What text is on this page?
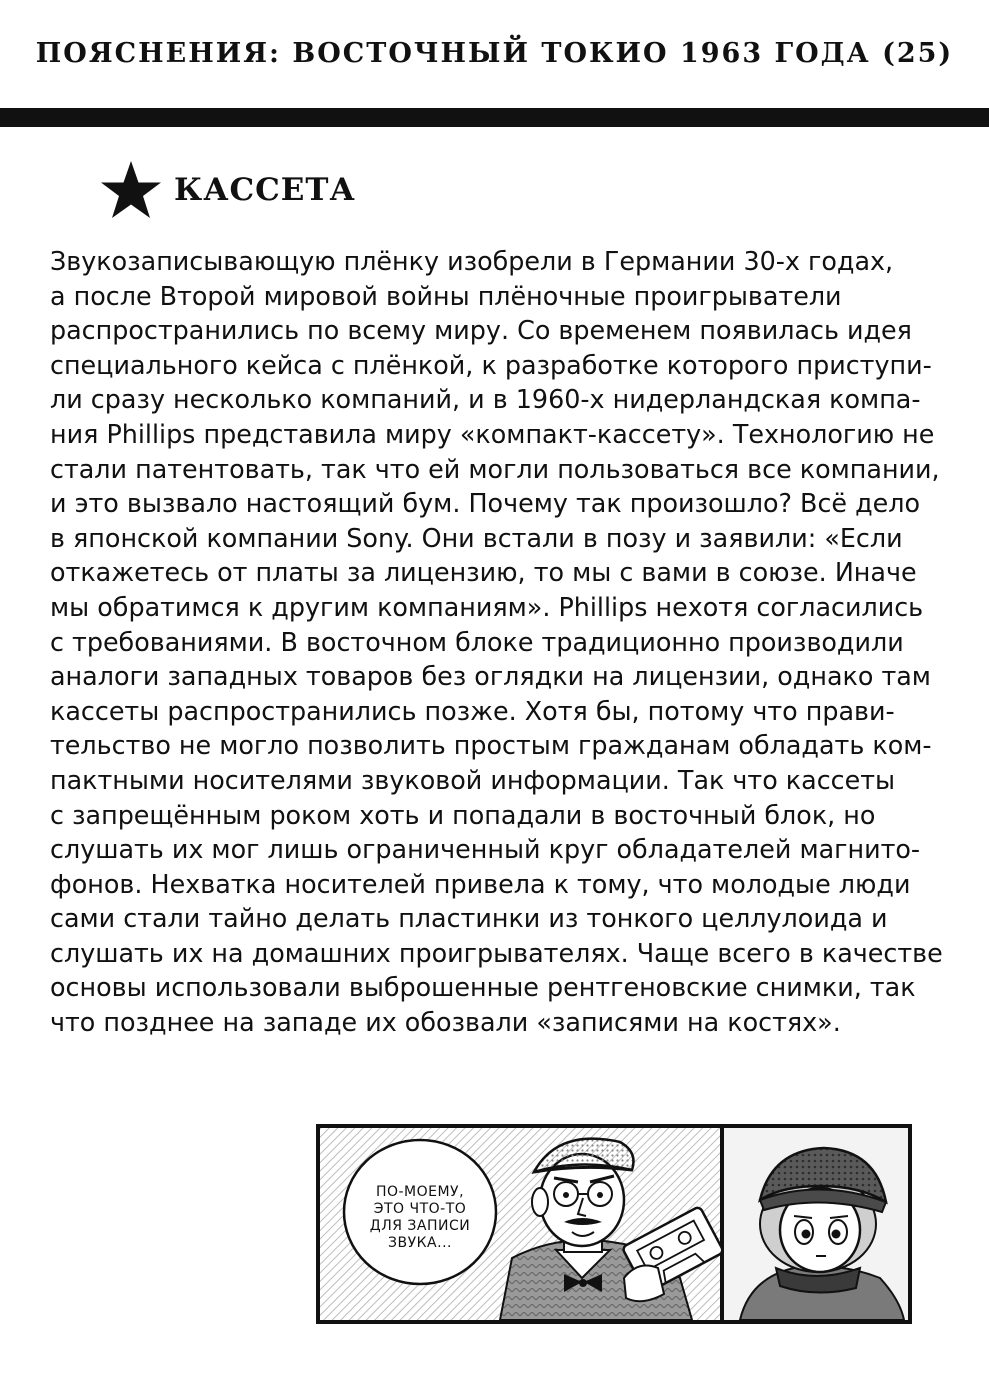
ПОЯСНЕНИЯ: ВОСТОЧНЫЙ ТОКИО 1963 ГОДА (25)
КАССЕТА
Звукозаписывающую плёнку изобрели в Германии 30-х годах,
а после Второй мировой войны плёночные проигрыватели
распространились по всему миру. Со временем появилась идея
специального кейса с плёнкой, к разработке которого приступи-
ли сразу несколько компаний, и в 1960-х нидерландская компа-
ния Phillips представила миру «компакт-кассету». Технологию не
стали патентовать, так что ей могли пользоваться все компании,
и это вызвало настоящий бум. Почему так произошло? Всё дело
в японской компании Sony. Они встали в позу и заявили: «Если
откажетесь от платы за лицензию, то мы с вами в союзе. Иначе
мы обратимся к другим компаниям». Phillips нехотя согласились
с требованиями. В восточном блоке традиционно производили
аналоги западных товаров без оглядки на лицензии, однако там
кассеты распространились позже. Хотя бы, потому что прави-
тельство не могло позволить простым гражданам обладать ком-
пактными носителями звуковой информации. Так что кассеты
с запрещённым роком хоть и попадали в восточный блок, но
слушать их мог лишь ограниченный круг обладателей магнито-
фонов. Нехватка носителей привела к тому, что молодые люди
сами стали тайно делать пластинки из тонкого целлулоида и
слушать их на домашних проигрывателях. Чаще всего в качестве
основы использовали выброшенные рентгеновские снимки, так
что позднее на западе их обозвали «записями на костях».
ПО-МОЕМУ,
ЭТО ЧТО-ТО
ДЛЯ ЗАПИСИ
ЗВУКА...
